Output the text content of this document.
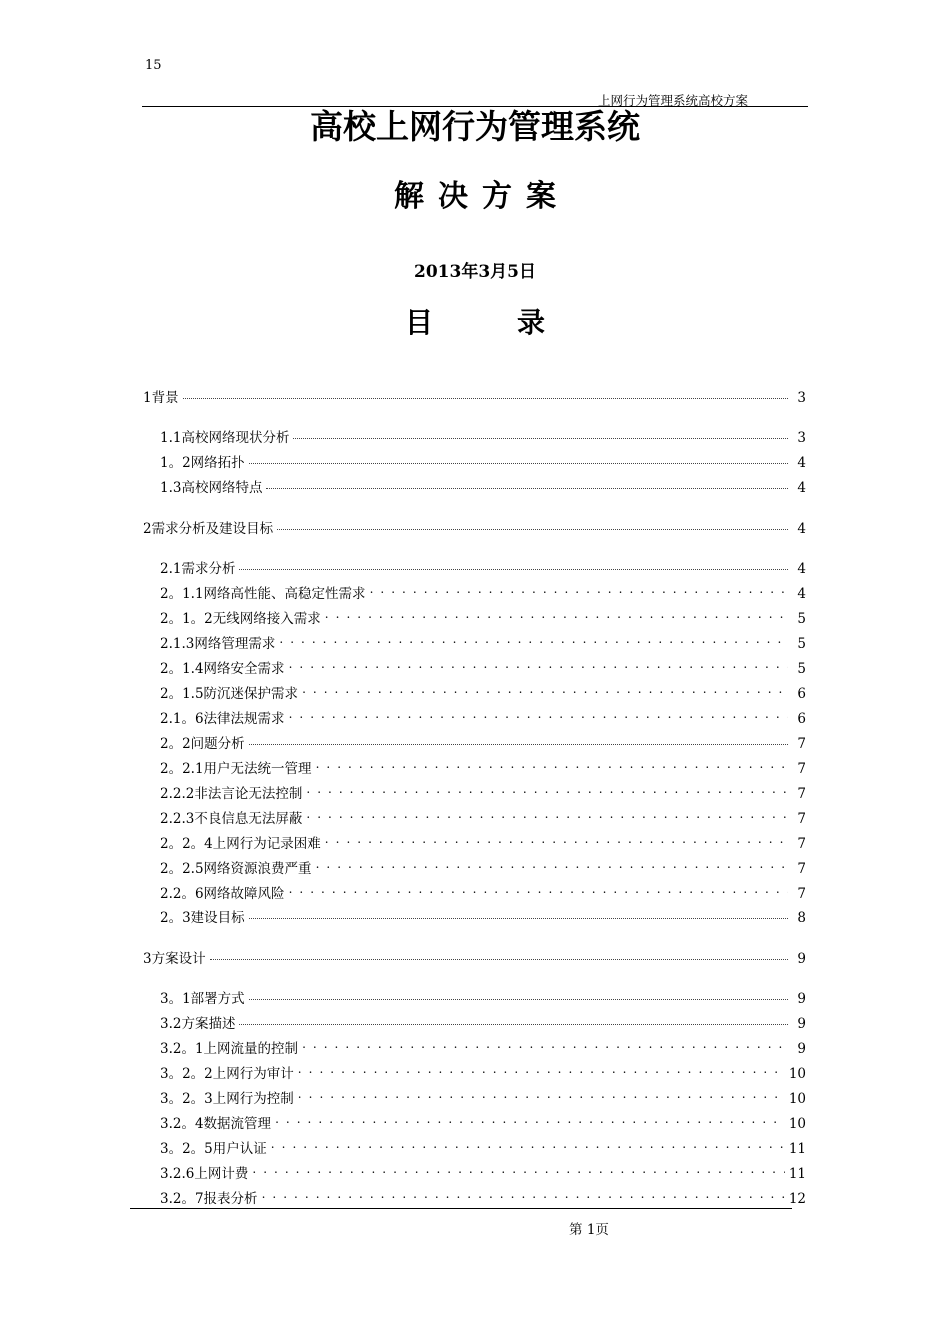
15
上网行为管理系统高校方案
高校上网行为管理系统
解决方案
2013年3月5日
目	录
1背景	3
1.1高校网络现状分析	3
1。2网络拓扑	4
1.3高校网络特点	4
2需求分析及建设目标	4
2.1需求分析	4
2。1.1网络高性能、高稳定性需求 . . .	4
2。1。2无线网络接入需求 . . .	5
2.1.3网络管理需求 . . .	5
2。1.4网络安全需求 . . .	5
2。1.5防沉迷保护需求 . . .	6
2.1。6法律法规需求 . . .	6
2。2问题分析	7
2。2.1用户无法统一管理 . . .	7
2.2.2非法言论无法控制 . . .	7
2.2.3不良信息无法屏蔽 . . .	7
2。2。4上网行为记录困难 . . .	7
2。2.5网络资源浪费严重 . . .	7
2.2。6网络故障风险 . . .	7
2。3建设目标	8
3方案设计	9
3。1部署方式	9
3.2方案描述	9
3.2。1上网流量的控制 . . .	9
3。2。2上网行为审计 . . .	10
3。2。3上网行为控制 . . .	10
3.2。4数据流管理 . . .	10
3。2。5用户认证 . . .	11
3.2.6上网计费 . . .	11
3.2。7报表分析 . . .	12
第 1页
